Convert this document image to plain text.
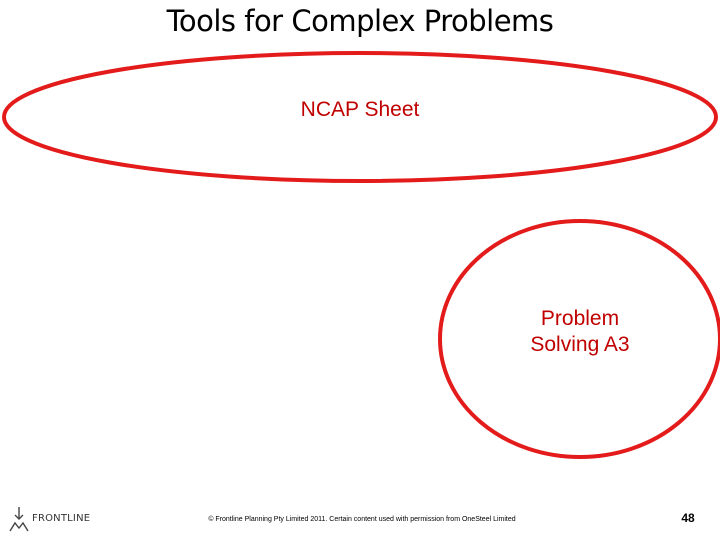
Tools for Complex Problems
NCAP Sheet
Problem
Solving A3
FRONTLINE	© Frontline Planning Pty Limited 2011. Certain content used with permission from OneSteel Limited	48
